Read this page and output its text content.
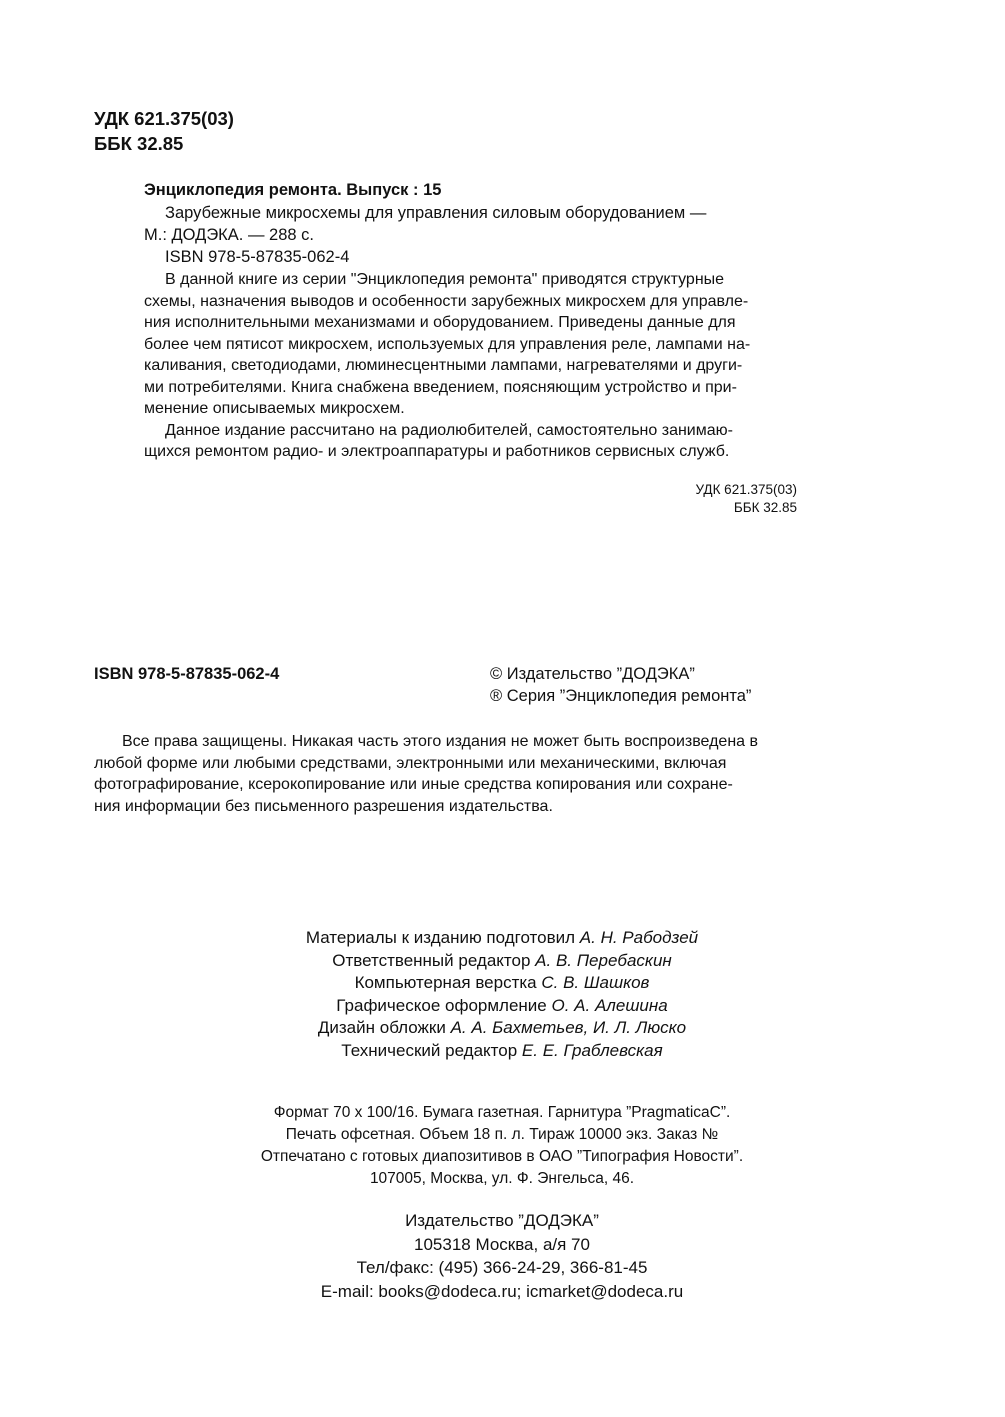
УДК 621.375(03)
ББК 32.85
Энциклопедия ремонта. Выпуск : 15
Зарубежные микросхемы для управления силовым оборудованием —
М.: ДОДЭКА. — 288 с.
ISBN 978-5-87835-062-4

В данной книге из серии "Энциклопедия ремонта" приводятся структурные

схемы, назначения выводов и особенности зарубежных микросхем для управле-

ния исполнительными механизмами и оборудованием. Приведены данные для

более чем пятисот микросхем, используемых для управления реле, лампами на-

каливания, светодиодами, люминесцентными лампами, нагревателями и други-

ми потребителями. Книга снабжена введением, поясняющим устройство и при-

менение описываемых микросхем.

Данное издание рассчитано на радиолюбителей, самостоятельно занимаю-

щихся ремонтом радио- и электроаппаратуры и работников сервисных служб.

УДК 621.375(03)

ББК 32.85

ISBN 978-5-87835-062-4	© Издательство ”ДОДЭКА”
® Серия ”Энциклопедия ремонта”

Все права защищены. Никакая часть этого издания не может быть воспроизведена в

любой форме или любыми средствами, электронными или механическими, включая

фотографирование, ксерокопирование или иные средства копирования или сохране-

ния информации без письменного разрешения издательства.

Материалы к изданию подготовил А. Н. Рабодзей

Ответственный редактор А. В. Перебаскин

Компьютерная верстка С. В. Шашков

Графическое оформление О. А. Алешина

Дизайн обложки А. А. Бахметьев, И. Л. Люско

Технический редактор Е. Е. Граблевская

Формат 70 х 100/16. Бумага газетная. Гарнитура ”PragmaticaC”.

Печать офсетная. Объем 18 п. л. Тираж 10000 экз. Заказ №

Отпечатано с готовых диапозитивов в ОАО ”Типография Новости”.

107005, Москва, ул. Ф. Энгельса, 46.

Издательство ”ДОДЭКА”

105318 Москва, а/я 70

Тел/факс: (495) 366-24-29, 366-81-45

E-mail: books@dodeca.ru; icmarket@dodeca.ru
